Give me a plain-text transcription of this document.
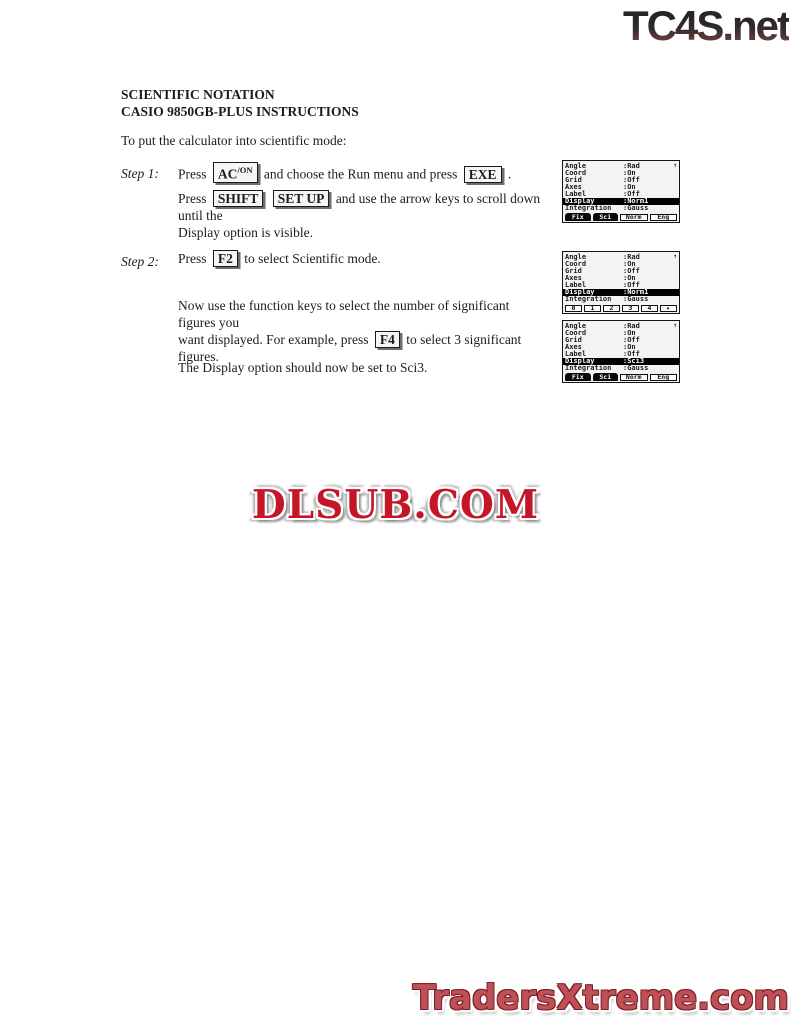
TC4S.net
DLSUB.COM
TradersXtreme.com
SCIENTIFIC NOTATION
CASIO 9850GB-PLUS INSTRUCTIONS
To put the calculator into scientific mode:
Step 1: Press $AC^{/ON}$ and choose the Run menu and press EXE .
Press SHIFT SET UP and use the arrow keys to scroll down until the
Display option is visible.
Step 2: Press F2 to select Scientific mode.
Now use the function keys to select the number of significant figures you
want displayed. For example, press F4 to select 3 significant figures.
The Display option should now be set to Sci3.
Angle	:Rad	↑
Coord	:On
Grid	:Off
Axes	:On
Label	:Off
Display	:Norm1
Integration	:Gauss
Fix	Sci	Norm	Eng
Angle	:Rad	↑
Coord	:On
Grid	:Off
Axes	:On
Label	:Off
Display	:Norm1
Integration	:Gauss
0	1	2	3	4	▸
Angle	:Rad	↑
Coord	:On
Grid	:Off
Axes	:On
Label	:Off
Display	:Sci3
Integration	:Gauss
Fix	Sci	Norm	Eng
